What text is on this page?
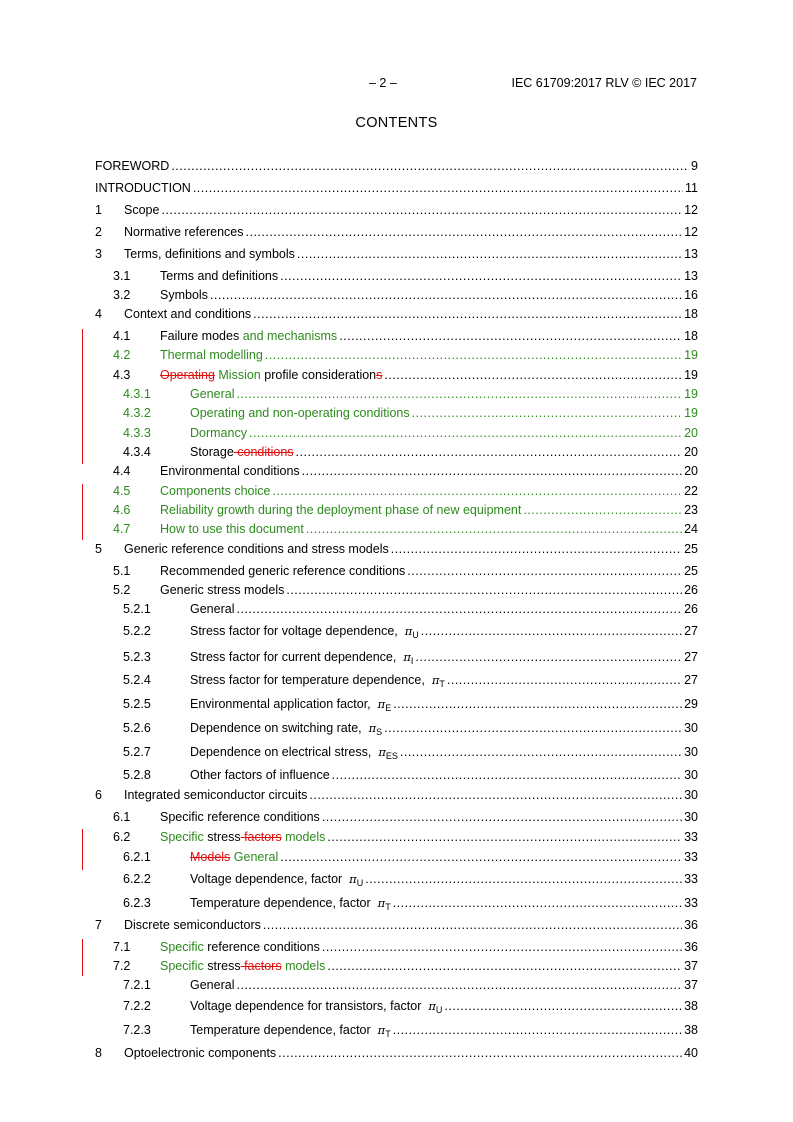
– 2 –	IEC 61709:2017 RLV © IEC 2017
CONTENTS
FOREWORD .....	9
INTRODUCTION .....	11
1	Scope .....	12
2	Normative references .....	12
3	Terms, definitions and symbols .....	13
3.1	Terms and definitions .....	13
3.2	Symbols .....	16
4	Context and conditions .....	18
4.1	Failure modes and mechanisms .....	18
4.2	Thermal modelling .....	19
4.3	Operating Mission profile considerations .....	19
4.3.1	General .....	19
4.3.2	Operating and non-operating conditions .....	19
4.3.3	Dormancy .....	20
4.3.4	Storage conditions .....	20
4.4	Environmental conditions .....	20
4.5	Components choice .....	22
4.6	Reliability growth during the deployment phase of new equipment .....	23
4.7	How to use this document .....	24
5	Generic reference conditions and stress models .....	25
5.1	Recommended generic reference conditions .....	25
5.2	Generic stress models .....	26
5.2.1	General .....	26
5.2.2	Stress factor for voltage dependence, $\pi_U$ .....	27
5.2.3	Stress factor for current dependence, $\pi_I$ .....	27
5.2.4	Stress factor for temperature dependence, $\pi_T$ .....	27
5.2.5	Environmental application factor, $\pi_E$ .....	29
5.2.6	Dependence on switching rate, $\pi_S$ .....	30
5.2.7	Dependence on electrical stress, $\pi_{ES}$ .....	30
5.2.8	Other factors of influence .....	30
6	Integrated semiconductor circuits .....	30
6.1	Specific reference conditions .....	30
6.2	Specific stress factors models .....	33
6.2.1	Models General .....	33
6.2.2	Voltage dependence, factor $\pi_U$ .....	33
6.2.3	Temperature dependence, factor $\pi_T$ .....	33
7	Discrete semiconductors .....	36
7.1	Specific reference conditions .....	36
7.2	Specific stress factors models .....	37
7.2.1	General .....	37
7.2.2	Voltage dependence for transistors, factor $\pi_U$ .....	38
7.2.3	Temperature dependence, factor $\pi_T$ .....	38
8	Optoelectronic components .....	40
